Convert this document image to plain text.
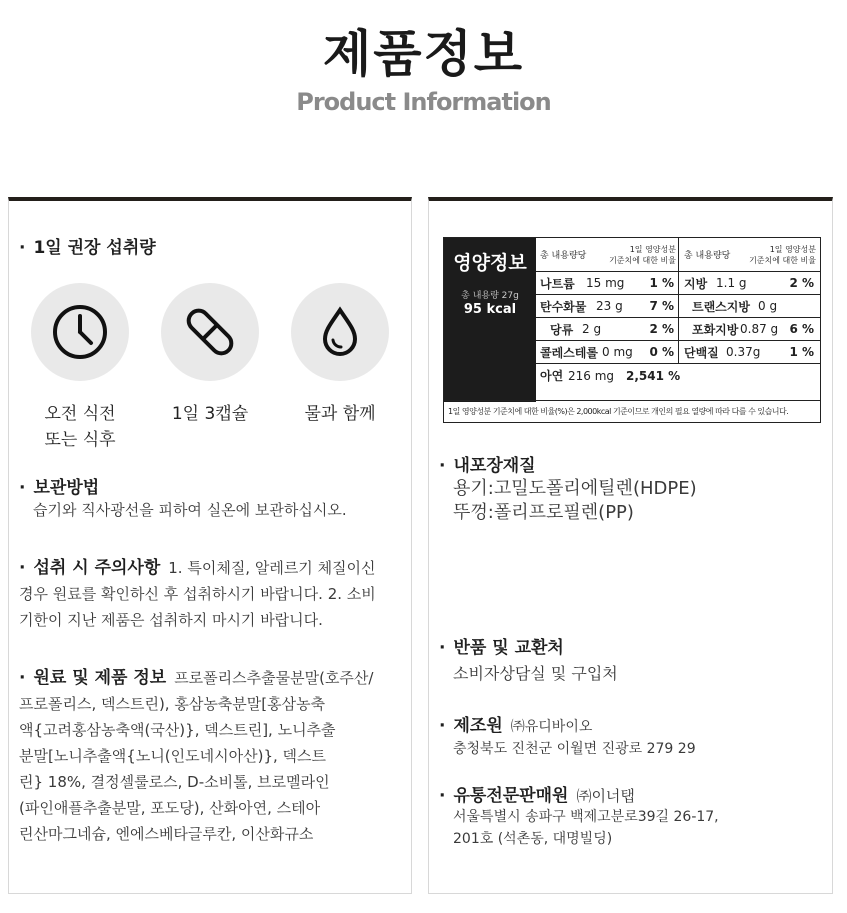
제품정보
Product Information
· 1일 권장 섭취량
오전 식전
또는 식후
1일 3캡슐	물과 함께
· 보관방법
습기와 직사광선을 피하여 실온에 보관하십시오.
· 섭취 시 주의사항 1. 특이체질, 알레르기 체질이신
경우 원료를 확인하신 후 섭취하시기 바랍니다. 2. 소비
기한이 지난 제품은 섭취하지 마시기 바랍니다.
· 원료 및 제품 정보 프로폴리스추출물분말(호주산/
프로폴리스, 덱스트린), 홍삼농축분말[홍삼농축
액{고려홍삼농축액(국산)}, 덱스트린], 노니추출
분말[노니추출액{노니(인도네시아산)}, 덱스트
린} 18%, 결정셀룰로스, D-소비톨, 브로멜라인
(파인애플추출분말, 포도당), 산화아연, 스테아
린산마그네슘, 엔에스베타글루칸, 이산화규소
영양정보
총 내용량 27g
95 kcal
총 내용량당
1일 영양성분
기준치에 대한 비율 총 내용량당
1일 영양성분
기준치에 대한 비율
나트륨 15 mg	1 % 지방 1.1 g	2 %
탄수화물 23 g	7 % 트랜스지방 0 g
당류 2 g	2 % 포화지방 0.87 g 6 %
콜레스테롤 0 mg	0 % 단백질 0.37g	1 %
아연 216 mg 2,541 %
1일 영양성분 기준치에 대한 비율(%)은 2,000kcal 기준이므로 개인의 필요 열량에 따라 다를 수 있습니다.
· 내포장재질
용기:고밀도폴리에틸렌(HDPE)
뚜껑:폴리프로필렌(PP)
· 반품 및 교환처
소비자상담실 및 구입처
· 제조원 ㈜유디바이오
충청북도 진천군 이월면 진광로 279 29
· 유통전문판매원 ㈜이너탭
서울특별시 송파구 백제고분로39길 26-17,
201호 (석촌동, 대명빌딩)
